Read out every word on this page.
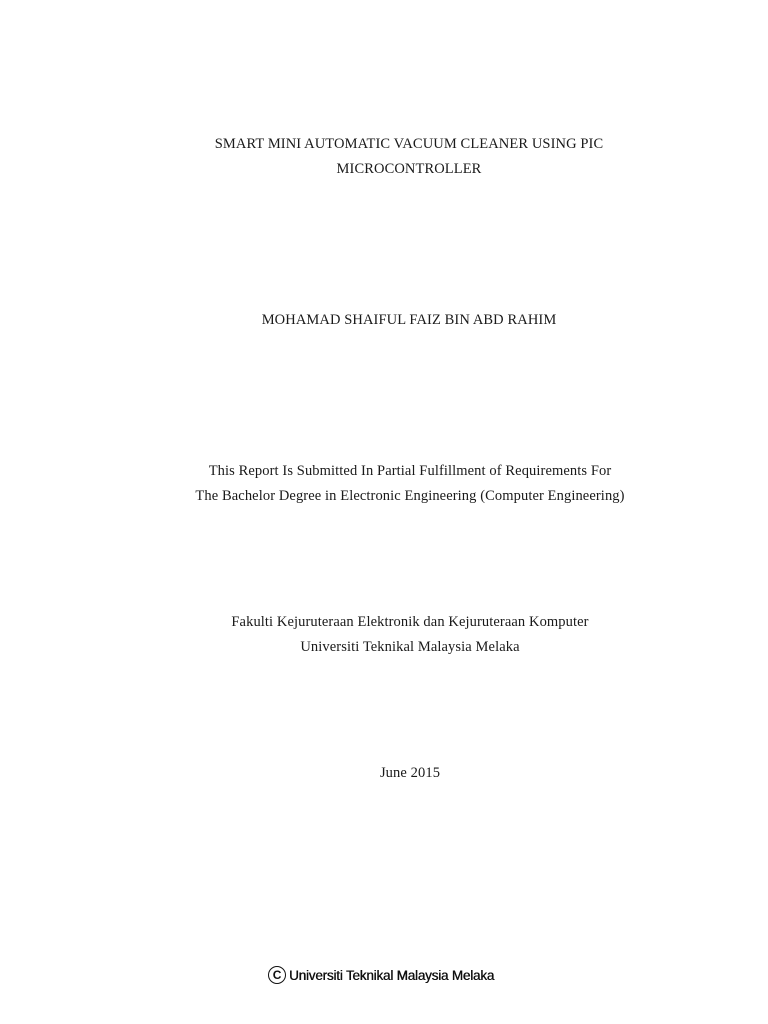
SMART MINI AUTOMATIC VACUUM CLEANER USING PIC
MICROCONTROLLER
MOHAMAD SHAIFUL FAIZ BIN ABD RAHIM
This Report Is Submitted In Partial Fulfillment of Requirements For
The Bachelor Degree in Electronic Engineering (Computer Engineering)
Fakulti Kejuruteraan Elektronik dan Kejuruteraan Komputer
Universiti Teknikal Malaysia Melaka
June 2015
C Universiti Teknikal Malaysia Melaka
